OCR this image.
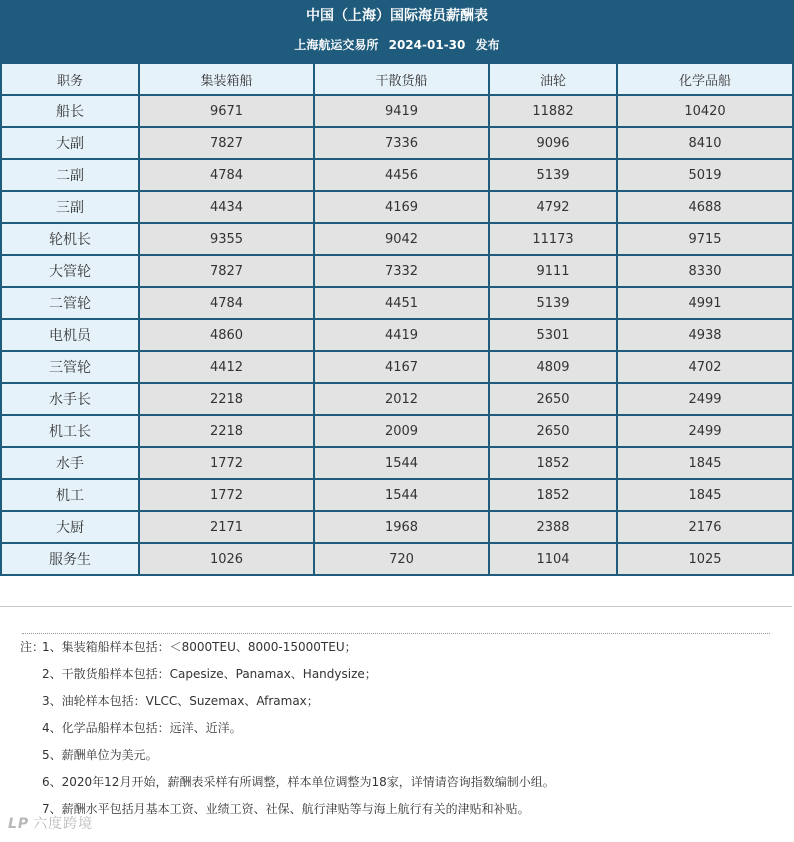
中国（上海）国际海员薪酬表
上海航运交易所 2024-01-30 发布
职务	集装箱船	干散货船	油轮	化学品船
船长	9671	9419	11882	10420
大副	7827	7336	9096	8410
二副	4784	4456	5139	5019
三副	4434	4169	4792	4688
轮机长	9355	9042	11173	9715
大管轮	7827	7332	9111	8330
二管轮	4784	4451	5139	4991
电机员	4860	4419	5301	4938
三管轮	4412	4167	4809	4702
水手长	2218	2012	2650	2499
机工长	2218	2009	2650	2499
水手	1772	1544	1852	1845
机工	1772	1544	1852	1845
大厨	2171	1968	2388	2176
服务生	1026	720	1104	1025
注：1、集装箱船样本包括：＜8000TEU、8000-15000TEU；
2、干散货船样本包括：Capesize、Panamax、Handysize；
3、油轮样本包括：VLCC、Suzemax、Aframax；
4、化学品船样本包括：远洋、近洋。
5、薪酬单位为美元。
6、2020年12月开始，薪酬表采样有所调整，样本单位调整为18家，详情请咨询指数编制小组。
7、薪酬水平包括月基本工资、业绩工资、社保、航行津贴等与海上航行有关的津贴和补贴。
LP 六度跨境
